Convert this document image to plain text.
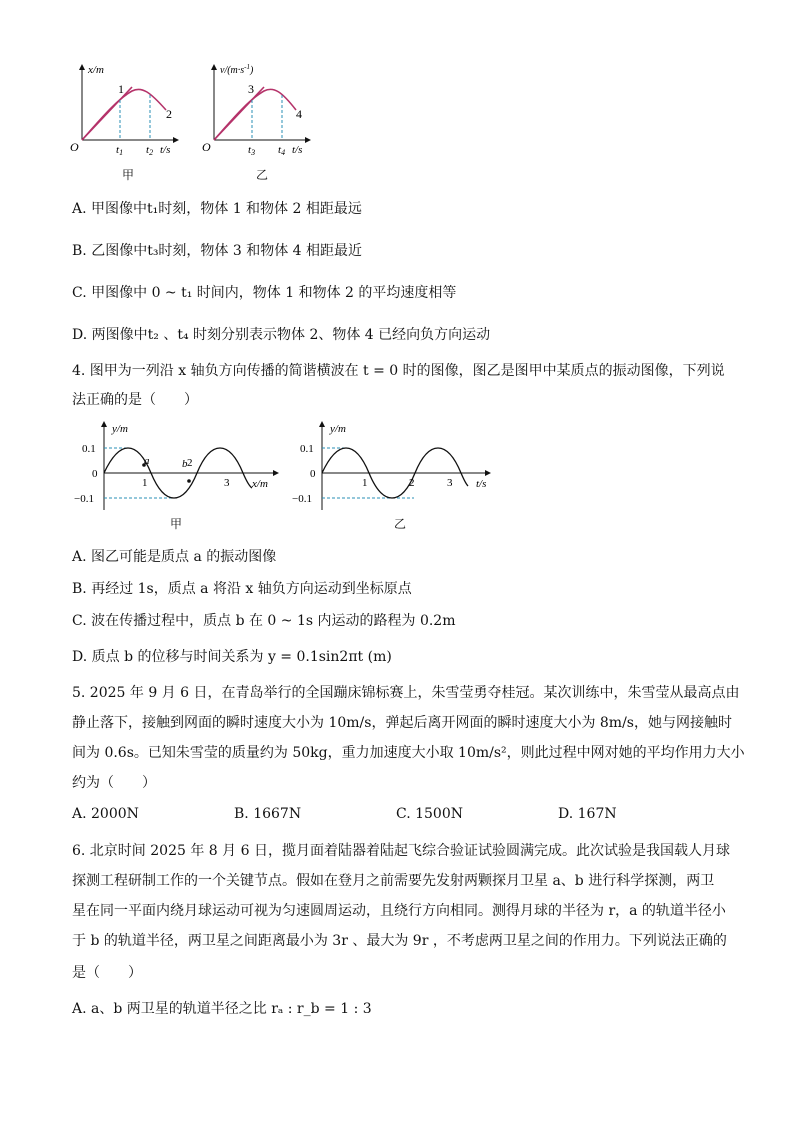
x/m
O
1
2
t1 t2 t/s
甲
$v/(m\cdot s^{-1})$
O
3
4
t3 t4 t/s
乙
A. 甲图像中t₁时刻，物体 1 和物体 2 相距最远
B. 乙图像中t₃时刻，物体 3 和物体 4 相距最近
C. 甲图像中 0 ~ t₁ 时间内，物体 1 和物体 2 的平均速度相等
D. 两图像中t₂ 、t₄ 时刻分别表示物体 2、物体 4 已经向负方向运动
4. 图甲为一列沿 x 轴负方向传播的简谐横波在 t = 0 时的图像，图乙是图甲中某质点的振动图像，下列说
法正确的是（　　）
y/m
0.1
0
−0.1
1
2
3
a	b
x/m
甲
y/m
0.1
0
−0.1
1	2	3 t/s
乙
A. 图乙可能是质点 a 的振动图像
B. 再经过 1s，质点 a 将沿 x 轴负方向运动到坐标原点
C. 波在传播过程中，质点 b 在 0 ~ 1s 内运动的路程为 0.2m
D. 质点 b 的位移与时间关系为 y = 0.1sin2πt (m)
5. 2025 年 9 月 6 日，在青岛举行的全国蹦床锦标赛上，朱雪莹勇夺桂冠。某次训练中，朱雪莹从最高点由
静止落下，接触到网面的瞬时速度大小为 10m/s，弹起后离开网面的瞬时速度大小为 8m/s，她与网接触时
间为 0.6s。已知朱雪莹的质量约为 50kg，重力加速度大小取 10m/s²，则此过程中网对她的平均作用力大小
约为（　　）
A. 2000N	B. 1667N	C. 1500N	D. 167N
6. 北京时间 2025 年 8 月 6 日，揽月面着陆器着陆起飞综合验证试验圆满完成。此次试验是我国载人月球
探测工程研制工作的一个关键节点。假如在登月之前需要先发射两颗探月卫星 a、b 进行科学探测，两卫
星在同一平面内绕月球运动可视为匀速圆周运动，且绕行方向相同。测得月球的半径为 r，a 的轨道半径小
于 b 的轨道半径，两卫星之间距离最小为 3r 、最大为 9r ，不考虑两卫星之间的作用力。下列说法正确的
是（　　）
A. a、b 两卫星的轨道半径之比 rₐ : r_b = 1 : 3
